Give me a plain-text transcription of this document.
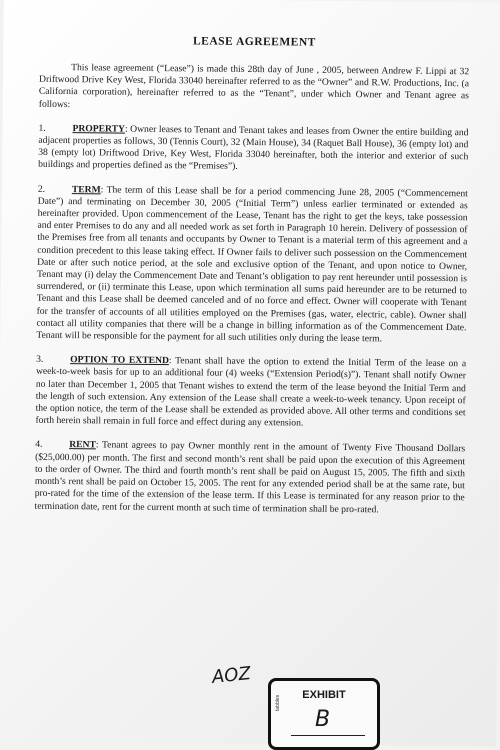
LEASE AGREEMENT

This lease agreement (“Lease”) is made this 28th day of June , 2005, between Andrew F. Lippi at 32 Driftwood Drive Key West, Florida 33040 hereinafter referred to as the “Owner” and R.W. Productions, Inc. (a California corporation), hereinafter referred to as the “Tenant”, under which Owner and Tenant agree as follows:

1.	PROPERTY: Owner leases to Tenant and Tenant takes and leases from Owner the entire building and adjacent properties as follows, 30 (Tennis Court), 32 (Main House), 34 (Raquet Ball House), 36 (empty lot) and 38 (empty lot) Driftwood Drive, Key West, Florida 33040 hereinafter, both the interior and exterior of such buildings and properties defined as the “Premises”).

2.	TERM: The term of this Lease shall be for a period commencing June 28, 2005 (“Commencement Date”) and terminating on December 30, 2005 (“Initial Term”) unless earlier terminated or extended as hereinafter provided. Upon commencement of the Lease, Tenant has the right to get the keys, take possession and enter Premises to do any and all needed work as set forth in Paragraph 10 herein. Delivery of possession of the Premises free from all tenants and occupants by Owner to Tenant is a material term of this agreement and a condition precedent to this lease taking effect. If Owner fails to deliver such possession on the Commencement Date or after such notice period, at the sole and exclusive option of the Tenant, and upon notice to Owner, Tenant may (i) delay the Commencement Date and Tenant’s obligation to pay rent hereunder until possession is surrendered, or (ii) terminate this Lease, upon which termination all sums paid hereunder are to be returned to Tenant and this Lease shall be deemed canceled and of no force and effect. Owner will cooperate with Tenant for the transfer of accounts of all utilities employed on the Premises (gas, water, electric, cable). Owner shall contact all utility companies that there will be a change in billing information as of the Commencement Date. Tenant will be responsible for the payment for all such utilities only during the lease term.

3.	OPTION TO EXTEND: Tenant shall have the option to extend the Initial Term of the lease on a week-to-week basis for up to an additional four (4) weeks (“Extension Period(s)”). Tenant shall notify Owner no later than December 1, 2005 that Tenant wishes to extend the term of the lease beyond the Initial Term and the length of such extension. Any extension of the Lease shall create a week-to-week tenancy. Upon receipt of the option notice, the term of the Lease shall be extended as provided above. All other terms and conditions set forth herein shall remain in full force and effect during any extension.

4.	RENT: Tenant agrees to pay Owner monthly rent in the amount of Twenty Five Thousand Dollars ($25,000.00) per month. The first and second month’s rent shall be paid upon the execution of this Agreement to the order of Owner. The third and fourth month’s rent shall be paid on August 15, 2005. The fifth and sixth month’s rent shall be paid on October 15, 2005. The rent for any extended period shall be at the same rate, but pro-rated for the time of the extension of the lease term. If this Lease is terminated for any reason prior to the termination date, rent for the current month at such time of termination shall be pro-rated.

AOZ
tabbles	EXHIBIT
B
